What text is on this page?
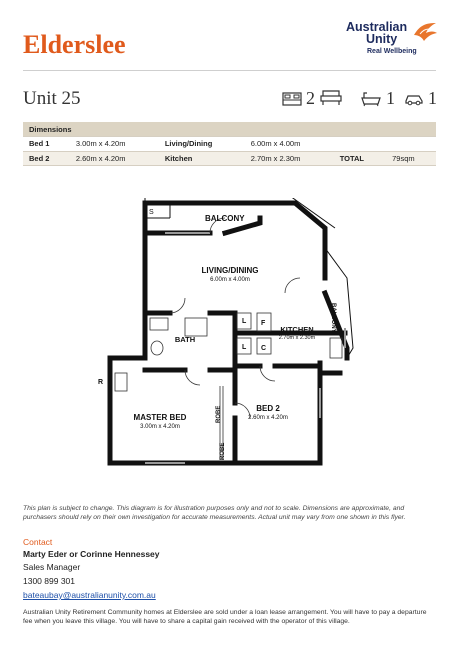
Elderslee
Australian
Unity
Real Wellbeing
Unit 25	2	1 1
Dimensions					
Bed 1	3.00m x 4.20m	Living/Dining	6.00m x 4.00m		
Bed 2	2.60m x 4.20m	Kitchen	2.70m x 2.30m	TOTAL	79sqm
S
BALCONY
BALCONY
LIVING/DINING
6.00m x 4.00m
KITCHEN
2.70m x 2.30m
BATH
MASTER BED
3.00m x 4.20m
BED 2
2.60m x 4.20m
ROBE
ROBE
L
L
F
C
R
This plan is subject to change. This diagram is for illustration purposes only and not to scale. Dimensions are approximate, and purchasers should rely on their own investigation for accurate measurements. Actual unit may vary from one shown in this flyer.
Contact
Marty Eder or Corinne Hennessey
Sales Manager
1300 899 301
bateaubay@australianunity.com.au
Australian Unity Retirement Community homes at Elderslee are sold under a loan lease arrangement. You will have to pay a departure fee when you leave this village. You will have to share a capital gain received with the operator of this village.
